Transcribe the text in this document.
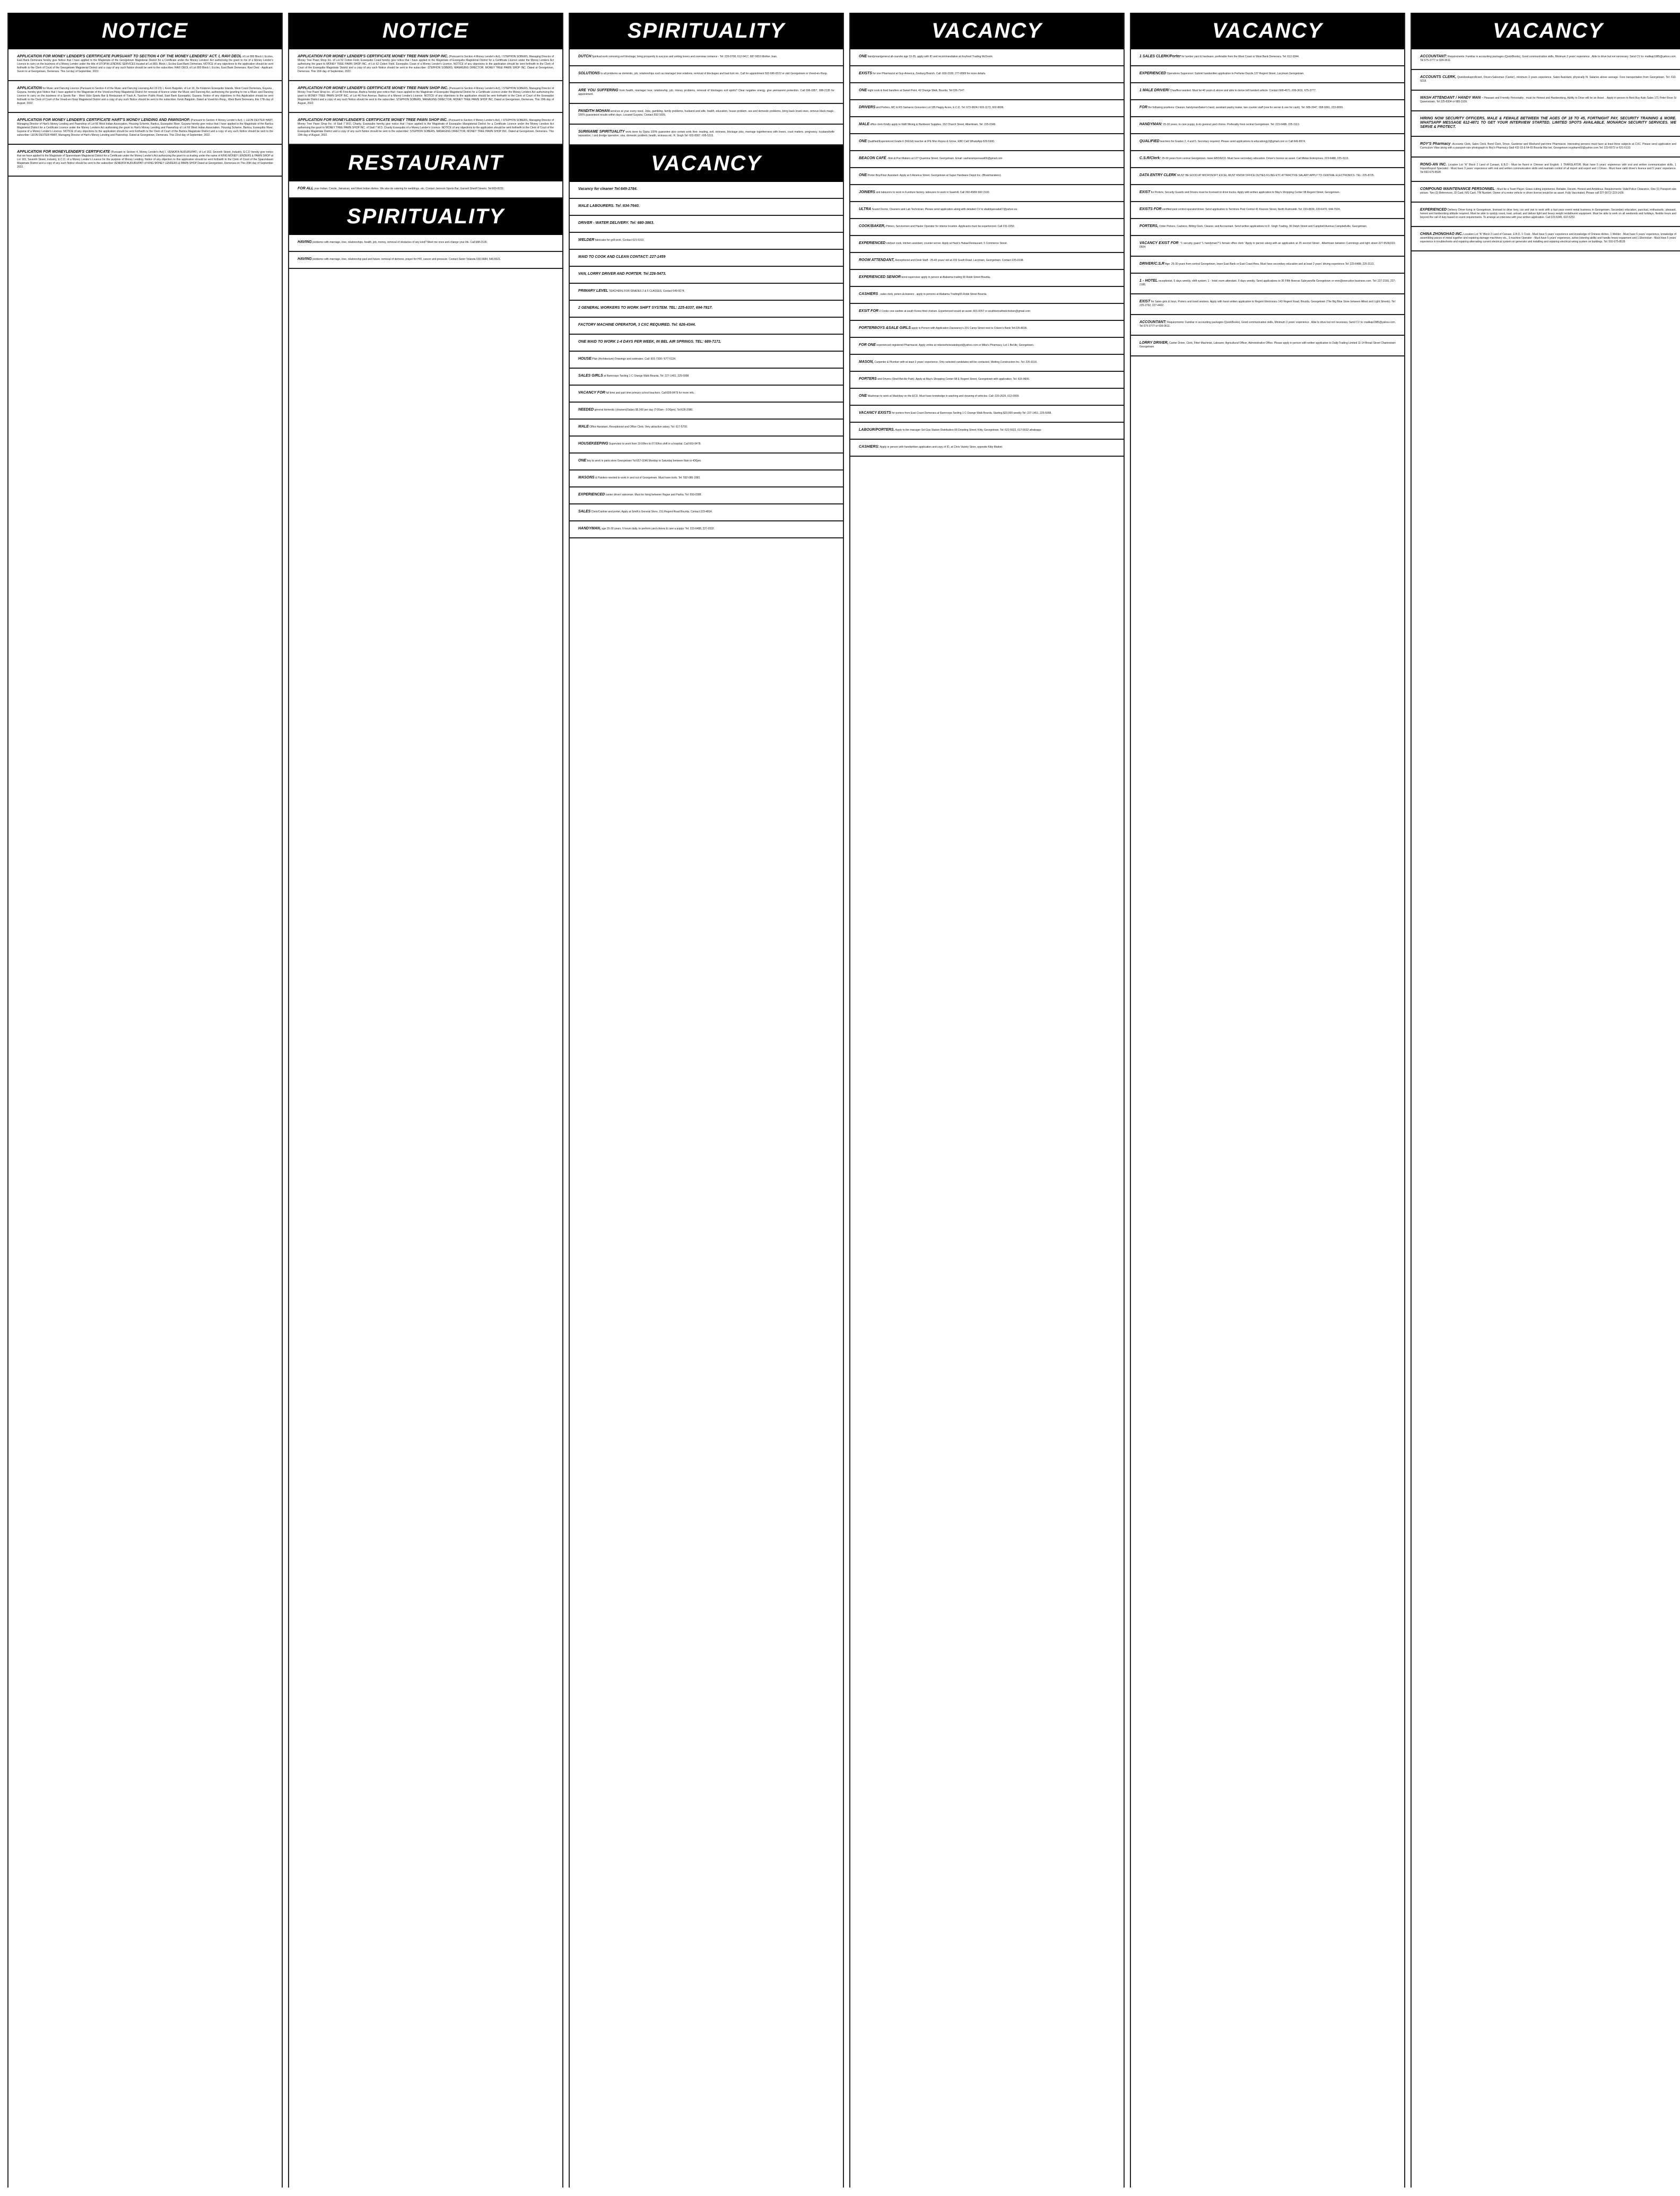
NOTICE
APPLICATION FOR MONEY LENDER'S CERTIFICATE PURSUANT TO SECTION 4 OF THE MONEY LENDERS' ACT. I, RAVI DEOL of Lot 800 Block I, Eccles, East Bank Demerara hereby give Notice that I have applied to the Magistrate of the Georgetown Magisterial District for a Certificate under the Money Lenders' Act authorising the grant to me of a Money Lender's Licence to carry on the business of a Money Lender under the title of UTOPIA LENDING SERVICES located at Lot 800, Block I, Eccles East Bank Demerara. NOTICE of any objections to the application should be sent forthwith to the Clerk of Court of the Georgetown Magisterial District and a copy of any such Notice should be sent to the subscriber, RAVI DEOL of Lot 800 Block I, Eccles, East Bank Demerara. Ravi Deol - Applicant. Sworn to at Georgetown, Demerara. This 1st day of September, 2022.
APPLICATION for Music and Dancing Licence (Pursuant to Section 4 of the Music and Dancing Licensing Act 23:23) I, Kevin Balgobin, of Lot 16, De Kinderen Essequibo Islands, West Coast Demerara, Guyana , Guyana, hereby give Notice that I have applied to the Magistrate of the Vreed-en-Hoop Magisterial District for renewal of licence under the Music and Dancing Act, authorising the granting to me a Music and Dancing Licence to carry on the business of a Sports Bar - West Vybz Sports Bar & Restaurant of Track A, Tuschen Public Road, East Bank Essequibo, Guyana. Notice of any objections to this Application should be sent forthwith to the Clerk of Court of the Vreed-en-Hoop Magisterial District and a copy of any such Notice should be sent to the subscriber, Kevin Balgobin. Dated at Vreed-En-Hoop,, West Bank Demerara, this 17th day of August, 2022.
APPLICATION FOR MONEY LENDER'S CERTIFICATE HART'S MONDY LENDING AND PAWNSHOP. (Pursuant to Section 4 Money Lender's Act), I, LEON DEXTER HART, Managing Director of Hart's Money Lending and Pawnshop of Lot 66 West Indian Association, Housing Scheme, Bartica, Essequibo River, Guyana hereby give notice that I have applied to the Magistrate of the Bartica Magisterial District for a Certificate Licence under the Money Lenders Act authorising the grant to Hart's Money Lending and Pawnshop of Lot 66 West Indian Association, Housing Scheme, Bartica, Essequibo River, Guyana of a Money Lender's Licence. NOTICE of any objections to the application should be sent forthwith to the Clerk of Court of the Bartica Magistrate District and a copy of any such Notice should be sent to the subscriber: LEON DEXTER HART, Managing Director of Hart's Money Lending and Pawnshop. Dated at Georgetown, Demerara. This 22nd day of September, 2022.
APPLICATION FOR MONEYLENDER'S CERTIFICATE (Pursuant to Section 4, Money Lender's Act) I, VENKATA NUDURUPATI, of Lot 163, Seventh Street, Industry, E.C.D hereby give notice that we have applied to the Magistrate of Sparendaam Magisterial District for a Certificate under the Money Lender's Act authorizing the grant to us trading under the name of KING MONEY LENDERS & PAWN SHOP at Lot 163, Seventh Street, Industry, E.C.D, of a Money Lender's Licence for the purpose of Money Lending. Notice of any objection to this application should be sent forthwith to the Clerk of Court of the Sparendaam Magistrate District and a copy of any such Notice should be sent to the subscriber VENKATA NUDURUPATI of KING MONEY LENDERS & PAWN SHOP Dated at Georgetown, Demerara on This 20th day of September 2022.
NOTICE
APPLICATION FOR MONEY LENDER'S CERTIFICATE MONEY TREE PAWN SHOP INC. (Pursuant to Section 4 Money Lender's Act), I STEPHON SOBERS, Managing Director of Money Tree Pawn Shop Inc. of Lot 52 Cotton Field, Essequibo Coast hereby give notice that I have applied to the Magistrate of Essequibo Magisterial District for a Certificate Licence under the Money Lenders Act authorising the grant to MONEY TREE PAWN SHOP INC. of Lot 52 Cotton Field, Essequibo Coast of a Money Lender's Licence. NOTICE of any objections to the application should be sent forthwith to the Clerk of Court of the Essequibo Magistrate District and a copy of any such Notice should be sent to the subscriber: STEPHON SOBERS, MANAGING DIRECTOR, MONEY TREE PAWN SHOP INC. Dated at Georgetown, Demerara. This 15th day of September, 2022.
APPLICATION FOR MONEY LENDER'S CERTIFICATE MONEY TREE PAWN SHOP INC. (Pursuant to Section 4 Money Lender's Act), I STEPHON SOBERS, Managing Director of Money Tree Pawn Shop Inc. of Lot 46 First Avenue, Bartica hereby give notice that I have applied to the Magistrate of Essequibo Magisterial District for a Certificate Licence under the Money Lenders Act authorising the grant to MONEY TREE PAWN SHOP INC. of Lot 46 First Avenue, Bartica of a Money Lender's Licence. NOTICE of any objections to the application should be sent forthwith to the Clerk of Court of the Essequibo Magistrate District and a copy of any such Notice should be sent to the subscriber: STEPHON SOBERS, MANAGING DIRECTOR, MONEY TREE PAWN SHOP INC. Dated at Georgetown, Demerara. This 19th day of August, 2022.
APPLICATION FOR MONEYLENDER'S CERTIFICATE MONEY TREE PAWN SHOP INC. (Pursuant to Section 4 Money Lender's Act), I STEPHON SOBERS, Managing Director of Money Tree Pawn Shop Inc. of Stall 7 W.D, Charity, Essequibo hereby give notice that I have applied to the Magistrate of Essequibo Mangisterial District for a Certificate Licence under the Money Lenders Act authorising the grant to MONEY TREE PAWN SHOP INC. of Stall 7 W.D. Charity Essequibo of a Money Lender's Licence. NOTICE of any objections to the application should be sent forthwith to the Clerk of Court of the Essequibo Magistrate District and a copy of any such Notice should be sent to the subscriber: STEPHON SOBERS, MANAGING DIRECTOR, MONEY TREE PAWN SHOP INC. Dated at Georgetown, Demerara. This 19th day of August, 2022.
RESTAURANT
FOR ALL your Indian, Creole, Jamaican, and West Indian dishes. We also do catering for weddings, etc. Contact Jamrock Sports Bar, Garnett Sheriff Streets. Tel:609-8233.
SPIRITUALITY
HAVING problems with marriage, love, relationships, health, job, money, removal of obstacles of any kind? Meet me once and change your life. Call 688-2135.
HAVING problems with marriage, love, relationship past and future, removal of demons, prayer for HIV, cancer and pressure. Contact Sister Yolanda 630-6684, 646-8321.
SPIRITUALITY
DUTCH Spiritual work removing evil blockage, bring prosperity & success and uniting lovers and overseas romance - Tel: 220-0708, 612-6417, 687-5653 Mother Joan.
SOLUTIONS to all problems as domestic, job, relationships such as marriage/ love relations, removal of blockages and bad luck etc. Call for appointment 592-696-8222 or visit Georgetown or Vreed-en-Hoop.
ARE YOU SUFFERING from health, marriage/ love, relationship, job, money problems, removal of blockages evil spirits? Clear negative energy, give permanent protection. Call 696-1857, 688-2135 for appointment.
PANDITH MOHAN services at your every need. Jobs, gambling, family problems, husband and wife, health, education, house problem, sex and domestic problems, bring back loved ones, remove black magic, 100% guaranteed results within days. Located Guyana. Contact 692-1009.
SURINAME SPIRITUALITY work done by Djuka 100% guarantee also certain work free- reading, evil, sickness, blockage jobs, marriage togetherness with lovers, court matters, pregnancy, husband/wife separation, I and dredge operation, visa, domestic problem, health, sickness etc. R. Singh Tel: 602-8997, 695-5315.
VACANCY
Vacancy for cleaner Tel:649-1784.
MALE LABOURERS. Tel :634-7640.
DRIVER - WATER DELIVERY. Tel: 680-3863.
WELDER fabricator for grill work. Contact 621-5310.
MAID TO COOK AND CLEAN CONTACT: 227-1459
VAN, LORRY DRIVER AND PORTER. Tel 226-5473.
PRIMARY LEVEL TEACHERS FOR GRADES 2 & 5 CLASSES. Contact 649-9174.
2 GENERAL WORKERS TO WORK SHIFT SYSTEM. TEL: 225-6337, 694-7817.
FACTORY MACHINE OPERATOR, 3 CXC REQUIRED. Tel: 626-4344.
ONE MAID TO WORK 1-4 DAYS PER WEEK, IN BEL AIR SPRINGS. TEL: 689-7171.
HOUSE Plan (Architecture) Drawings and estimates. Call: 601-7399 / 677-5124.
SALES GIRLS at Ramroops Tarding 1 C Orange Walk Bourda. Tel: 227-1451, 225-5998
VACANCY FOR full time and part time primary school teachers. Call:699-8479 for more info.
NEEDED general domestic (cleaners)Salary $5,000 per day (7:00am - 5:00pm). Tel:626-2080.
MALE Office Assistant, Receptionist and Office Clerk. Very attractive salary. Tel: 617-5700.
HOUSEKEEPING Supervisor to work from 19:00hrs to 07:00hrs shift in a hospital. Call 660-9478.
ONE boy to work in parts store Georgetown Tel:657-0246 Monday to Saturday between 8am to 430pm.
MASONS & Painters needed to work in and out of Georgetown. Must have tools. Tel: 592-686-1982.
EXPERIENCED canter driver/ salesman. Must be living between Hague and Parika. Tel: 693-0388.
SALES Clerk/Cashier and porter, Apply at Smith's General Store, 151 Regent Road Bourda. Contact 223-4814.
HANDYMAN, age 20-30 years, 5 hours daily, to perform yard chores & care a puppy. Tel: 223-6488, 227-0332.
VACANCY
ONE handyman/general all-rounder age 19-25, apply with ID and recommendation at Keyfood Trading McDoom.
EXISTS for one Pharmacist at Guy-America, Zeeburg Branch. Call: 660-2100, 277-0589 for more details.
ONE night cook & food handlers at Sweet Point, 42 Orange Walk, Bourda. Tel:226-7147.
DRIVERS and Porters, MC & RS Samaroo Groceries Lot 185 Happy Acres, E.C.D. Tel: 673-3824,/ 603-1173, 602-8696.
MALE office clerk Kindly apply to K&B Mining & Hardware Supplies, 152 Church Street, Alberttown, Tel: 225-0349.
ONE Qualified/Experienced Grade 6 (NGSA) teacher at IPE Mon Repos & Grove, EBD Call/ WhatsApp 629-5300.
BEACON CAFÉ - Roti & Puri Makers at 127 Quamina Street, Georgetown. Email: sasharampersaud06@gmail.com
ONE Porter Boy/Floor Assistant. Apply at 6 America Street, Georgetown at Super Hardware Depot Inc. (Bhaichandeen).
JOINERS and labourers to work in Furniture factory. labourers to work in Sawmill. Call 260-4580/ 660 2100.
ULTRA Sound Doctor, Cleaners and Lab Technician. Please send application along with detailed CV to ubaldquesada67@yahoo.es.
COOK/BAKER, Pitmen, Servicemen and Hauler Operator for interior location. Applicants must be experienced. Call 231-2250.
EXPERIENCED roti/puri cook, kitchen assistant, counter server. Apply at Hack's Halaal Restaurant, 5 Commerce Street.
ROOM ATTENDANT, Receptionist and Desk Staff - 25-45 years' old at 233 South Road, Lacytown, Georgetown. Contact 225-0198.
EXPERIENCED SENIOR bond supervisor apply in person at Alabama trading 65 Robb Street Bourda.
CASHIERS , sales clerk, poters &cleaners . apply in persons at Alabama Trading65 Robb Street Bourda
EXSIT FOR 2 Cooks one cashier at south Korea fried chicken. Experienced would an asset. 601-0057 or southkoreafriedchicken@gmail.com
PORTERBOYS &SALE GIRLS apply in Person with Application Daswaney's 201 Camp Street next to Citizen's Bank Tel:225-8036.
FOR ONE experienced registered Pharmacist. Apply online at mikeswholesaledepot@yahoo.com or Mike's Pharmacy, Lot 1 Bel Air, Georgetown.
MASON, Carpenter & Plumber with at least 3 years' experience. Only selected candidates will be contacted. Weiting Construction Inc. Tel: 226-6116.
PORTERS and Drivers (Shell Bel-Air Park). Apply at May's Shopping Center 98 E Regent Street, Georgetown with application. Tel: 615-9606.
ONE Washman to work at Washbay on the ECD. Must have knowledge in washing and cleaning of vehicles. Call: 220-2626, 612-0909.
VACANCY EXISTS for porters from East Coast Demerara at Ramroops Tarding 1 C Orange Walk Bourda. Starting $20,000 weekly Tel: 227-1451, 225-5998.
LABOUR/PORTERS. Apply to the manager Sol Gas Station Distribution 09 Dowding Street, Kitty, Georgetown. Tel: 622-5922, 617-5632 whatsapp.
CASHIERS: Apply in person with handwritten application and copy of ID, at Chris Variety Store, opposite Kitty Market.
VACANCY
1 SALES CLERK/Porter for lumber yard & hardware, preferable from the West Coast or West Bank Demerara. Tel: 612-9344.
EXPERIENCED Operations Supervisor: Submit handwritten application to Perfume Dazzle,137 Regent Street, Lacytown,Gerogetown.
1 MALE DRIVER/ Chauffeur wanted. Must be 40 years & above and able to derive left handed vehicle. Contact 668-4671, 699-3611, 675-3777.
FOR the following positions: Cleaner, handyman/baker's hand, assistant pastry maker, two counter staff (one for server & one for cash). Tel: 689-3947, 658-9361, 223-8099.
HANDYMAN: 25-30 years, to care puppy, & do general yard chores. Preferably from central Georgetown. Tel: 223-6488, 225-3113.
QUALIFIED teachers for Grades 2, 4 and 5. Secretary required. Please send applications to educationgy3@gmail.com or Call:649-8974.
C.S.R/Clerk: 25-30 years from central Georgetown, lower EBD/ECD. Must have secondary education. Driver's licence an asset. Call Midas Enterprises, 223-6488, 225-3113.
DATA ENTRY CLERK MUST BE GOOD AT MICROSOFT EXCEL MUST KNOW OFFICE DUTIES FILING ETC ATTRACTIVE SALARY APPLY TO CENTRAL ELECTRONICS .TEL: 225-8725.
EXIST for Porters, Security Guards and Drivers must be licensed to drive trucks. Apply with written application to May's Shopping Center 98 Regent Street, Georgetown.
EXISTS FOR certified pest control operator/driver. Send application to Terminex Pest Control 41 Kissoon Street, North Ruimveldt. Tel: 220-0839, 220-6470, 644-7024.
PORTERS, Order Pickers, Cashiers, Billing Clerk, Cleaner, and Accountant. Send written applications to D. Singh Trading, 36 Delph Street and Campbell Avenue,Campbellville, Georgetown.
VACANCY EXIST FOR :"1 security guard "1 handyman?"1 female office clerk "Apply in person along with an application at 25 second Street , Alberttown between Cummings and light street 227-5536/223-0504.
DRIVER/C.S.R Age: 25-30 years from central Georgetown, lower East Bank or East Coast Area. Must have secondary education and at least 2 years' driving experience Tel: 223-6488, 225-3113.
1 - HOTEL receptionist, 6 days weekly, shift system; 1 - hotel room attendant. 6 days weekly. Send applications to 95 Fifth Avenue Subryanville Georgetown or eron@executive-business.com. Tel: 227-2199, 227-2186.
EXIST for Sales girls & boys, Porters and bond workers. Apply with hand written application to Regent Electronics 143 Regent Road, Bourda, Georgetown (The Big Blue Store between Albert and Light Streets). Tel: 225-2792, 227-4402.
ACCOUNTANT: Requirements: Familiar in accounting packages (QuickBooks), Good communication skills, Minimum 3 years' experience , Able to drive but not necessary. Send CV to: malikap1985@yahoo.com. Tel 675-3777 or 699-3611.
LORRY DRIVER, Canter Driver, Clerk, Fitter Machinist, Labourer, Agricultural Officer, Administrative Office. Please apply in person with written application to Dalip Trading Limited 11-14 Broad Street Charlestown Georgetown.
VACANCY
ACCOUNTANT: Requirements: Familiar in accounting packages (QuickBooks), Good communication skills, Minimum 3 years' experience , Able to drive but not necessary. Send CV to: malikap1985@yahoo.com. Tel 675-3777 or 699-3611.
ACCOUNTS CLERK, Quickbooksproficient, Driver+Salesman (Canter), minimum 3 years experience, Sales Assistant, physically fit. Salaries above average. Free transportation from Georgetown. Tel: 613-9218.
WASH ATTENDANT / HANDY MAN - Pleasant and Friendly Personality , must be Honest and Hardworking, Ability to Drive will be an Asset .. Apply in person to Best Buy Auto Sales 171 Peter Rose St Queenstown, Tel 225-8304 or 685-3109.
HIRING NOW SECURITY OFFICERS, MALE & FEMALE BETWEEN THE AGES OF 18 TO 45, FORTNIGHT PAY, SECURITY TRAINING & MORE. WHATSAPP MESSAGE 612-4871 TO GET YOUR INTERVIEW STARTED. LIMITED SPOTS AVAILABLE. MONARCH SECURITY SERVICES. WE SERVE & PROTECT.
ROY'S Pharmacy -Accounts Clerk, Sales Clerk, Bond Clerk, Driver, Gardener and Weekend part-time Pharmacist. Interesting persons must have at least three subjects at CXC. Please send application and Curriculum Vitae along with a passport-size photograph to Roy's Pharmacy Stall #32-33 & 64-65 Bourda Mar ket, Georgetown.roypharm03@yahoo.com.Tel: 223-6072 or 621-5133.
RONG-AN INC. Location Lot "A" Block 2 Land of Canaan, E.B.D - Must be fluent in Chinese and English. 1 TRANSLATOR. Must have 5 years' experience with oral and written communication skills, 1 Import/Export Specialist - Must have 3 years' experience with oral and written communication skills and maintain control of all import and export and 1 Driver-. Must have valid driver's licence and 5 years' experience. Tel:592-675-8528
COMPOUND MAINTENANCE PERSONNEL - Must be a Team Player, Grass cutting experience, Reliable, Decent, Honest and Ambitious. Requirements: Valid Police Clearance, One (1) Passport size picture. Two (2) References, ID Card, NIS Card, TIN Number. Owner of a motor vehicle or driver license would be an asset. Fully Vaccinated. Please call 227-5072/ 223-1439.
EXPERIENCED Delivery Driver living in Georgetown, licensed to drive lorry, car and van to work with a fast pace event rental business in Georgetown. Secondary education, punctual, enthusiastic, pleasant, honest and hardworking attitude required. Must be able to quickly count, load, unload, and deliver light and heavy weight rental/event equipment. Must be able to work on all weekends and holidays, flexible hours and beyond the call of duty based on event requirements. To arrange an interview with your written application. Call 223-5345, 622-5252.
CHINA ZHONGHAO INC. Location Lot "A" Block 2 Land of Canaan, E.B.D. 1 Cook - Must have 5 years' experience and knowledge of Chinese dishes, 1 Welder - Must have 5 years' experience, knowledge of assembling pieces of metal together and repairing damage machinery etc., 3 machine Operator - Must have 5 years' experience, active listening ability and handle heavy equipment and 1 Electrician - Must have 5 years' experience in troubleshoots and repairing alternating current electrical system on generator and installing and repairing electrical wiring system on buildings. Tel: 592-675-8528
